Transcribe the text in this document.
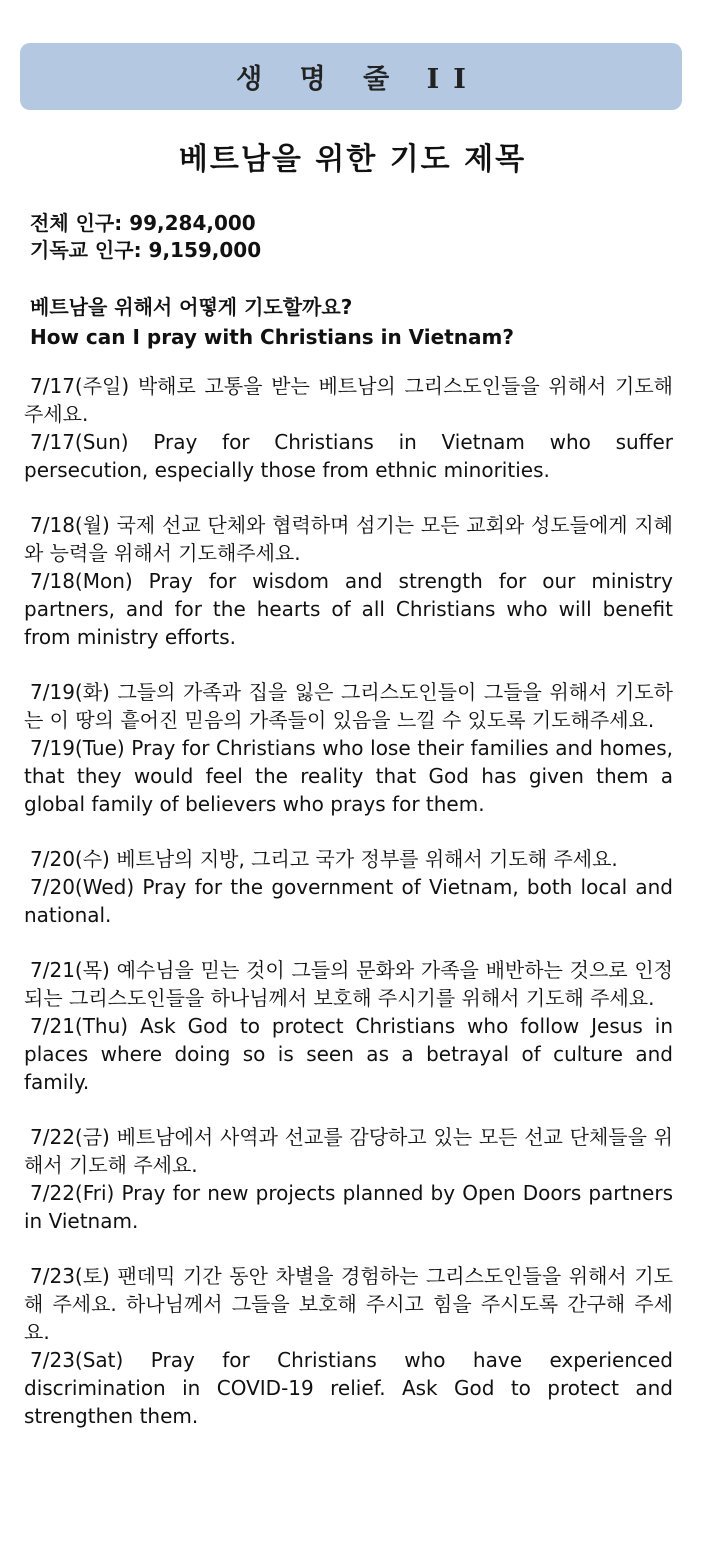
생 명 줄 II
베트남을 위한 기도 제목
전체 인구: 99,284,000
기독교 인구: 9,159,000
베트남을 위해서 어떻게 기도할까요?
How can I pray with Christians in Vietnam?
7/17(주일) 박해로 고통을 받는 베트남의 그리스도인들을 위해서 기도해주세요.
7/17(Sun) Pray for Christians in Vietnam who suffer persecution, especially those from ethnic minorities.
7/18(월) 국제 선교 단체와 협력하며 섬기는 모든 교회와 성도들에게 지혜와 능력을 위해서 기도해주세요.
7/18(Mon) Pray for wisdom and strength for our ministry partners, and for the hearts of all Christians who will benefit from ministry efforts.
7/19(화) 그들의 가족과 집을 잃은 그리스도인들이 그들을 위해서 기도하는 이 땅의 흩어진 믿음의 가족들이 있음을 느낄 수 있도록 기도해주세요.
7/19(Tue) Pray for Christians who lose their families and homes, that they would feel the reality that God has given them a global family of believers who prays for them.
7/20(수) 베트남의 지방, 그리고 국가 정부를 위해서 기도해 주세요.
7/20(Wed) Pray for the government of Vietnam, both local and national.
7/21(목) 예수님을 믿는 것이 그들의 문화와 가족을 배반하는 것으로 인정되는 그리스도인들을 하나님께서 보호해 주시기를 위해서 기도해 주세요.
7/21(Thu) Ask God to protect Christians who follow Jesus in places where doing so is seen as a betrayal of culture and family.
7/22(금) 베트남에서 사역과 선교를 감당하고 있는 모든 선교 단체들을 위해서 기도해 주세요.
7/22(Fri) Pray for new projects planned by Open Doors partners in Vietnam.
7/23(토) 팬데믹 기간 동안 차별을 경험하는 그리스도인들을 위해서 기도해 주세요. 하나님께서 그들을 보호해 주시고 힘을 주시도록 간구해 주세요.
7/23(Sat) Pray for Christians who have experienced discrimination in COVID-19 relief. Ask God to protect and strengthen them.
